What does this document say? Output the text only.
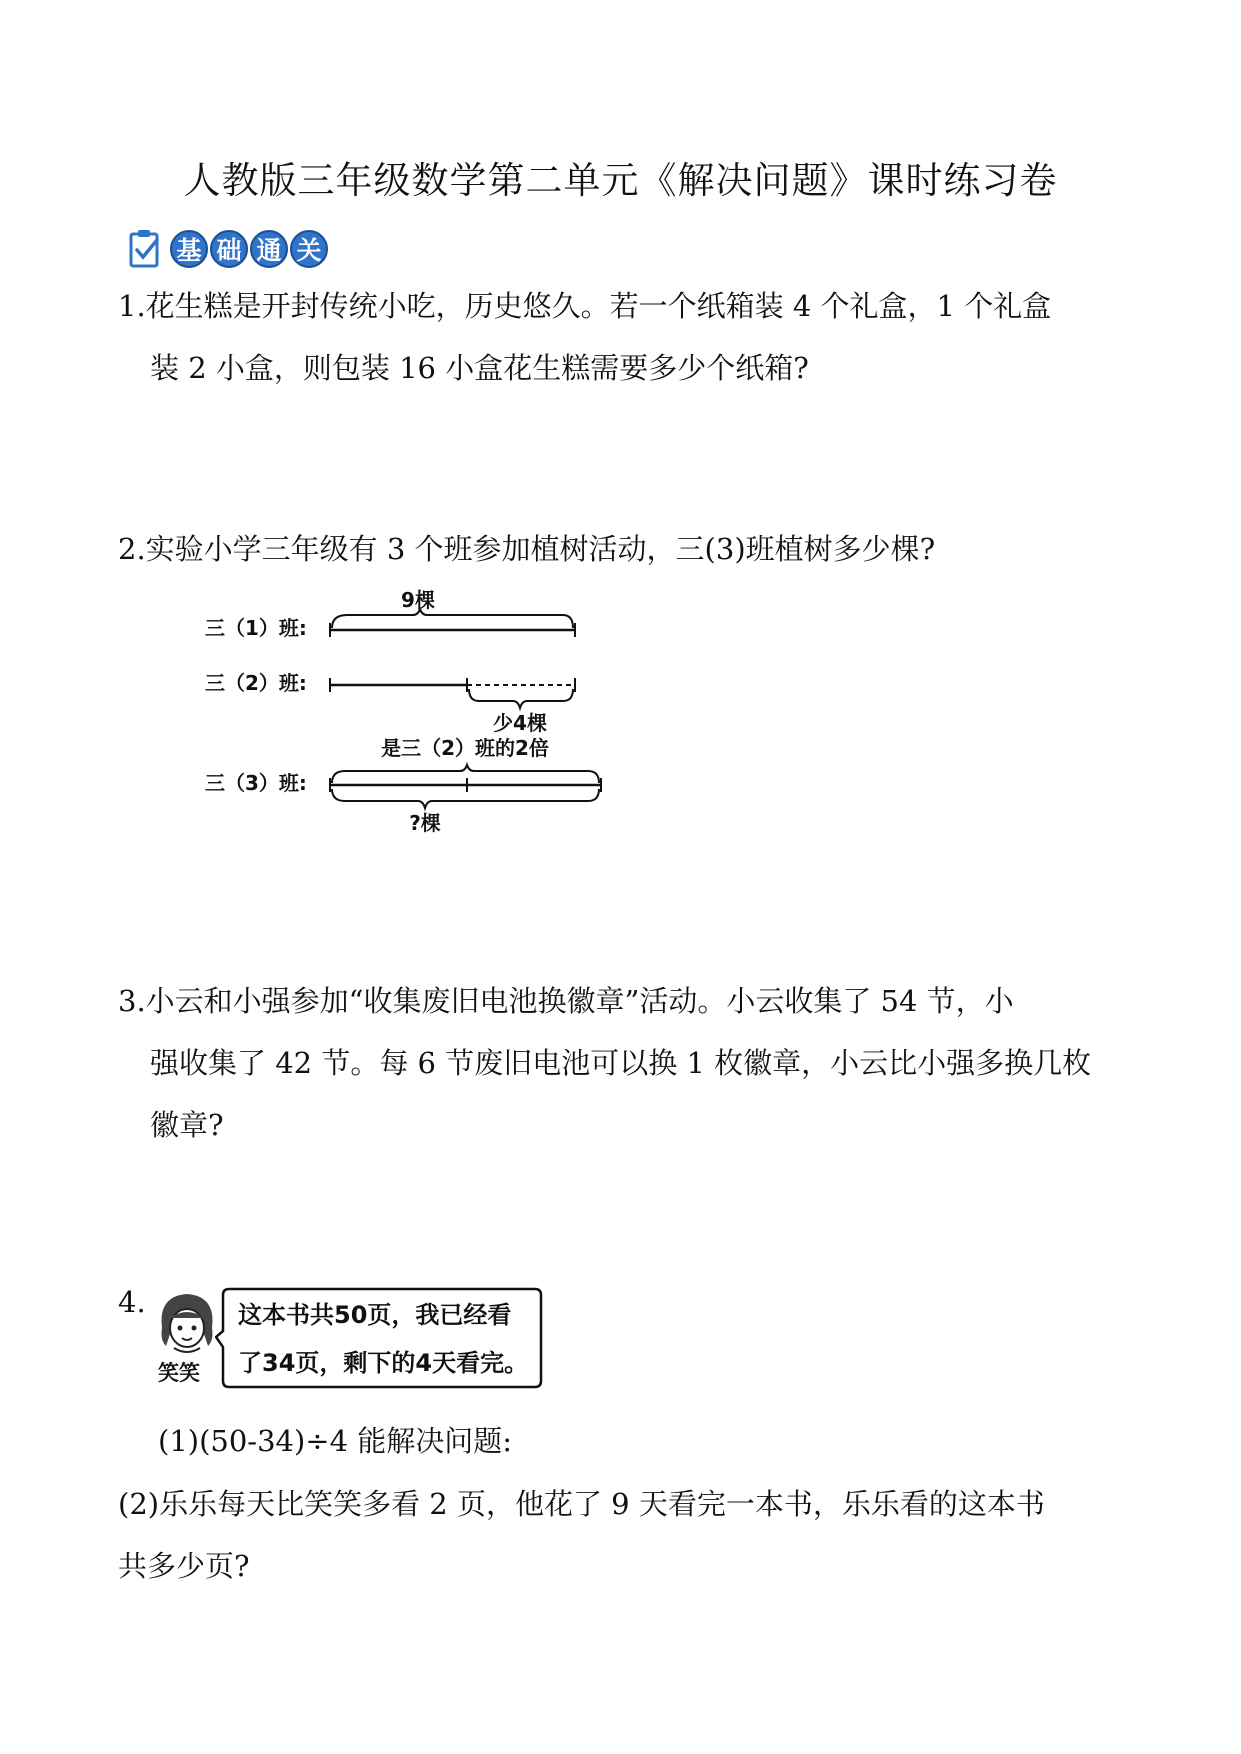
人教版三年级数学第二单元《解决问题》课时练习卷
基 础 通 关
1.花生糕是开封传统小吃，历史悠久。若一个纸箱装 4 个礼盒，1 个礼盒
装 2 小盒，则包装 16 小盒花生糕需要多少个纸箱?
2.实验小学三年级有 3 个班参加植树活动，三(3)班植树多少棵?
三（1）班:
三（2）班:
三（3）班:
9棵
少4棵
是三（2）班的2倍
?棵
3.小云和小强参加“收集废旧电池换徽章”活动。小云收集了 54 节，小
强收集了 42 节。每 6 节废旧电池可以换 1 枚徽章，小云比小强多换几枚
徽章?
4.
笑笑
这本书共50页，我已经看
了34页，剩下的4天看完。
(1)(50-34)÷4 能解决问题:
(2)乐乐每天比笑笑多看 2 页，他花了 9 天看完一本书，乐乐看的这本书
共多少页?
